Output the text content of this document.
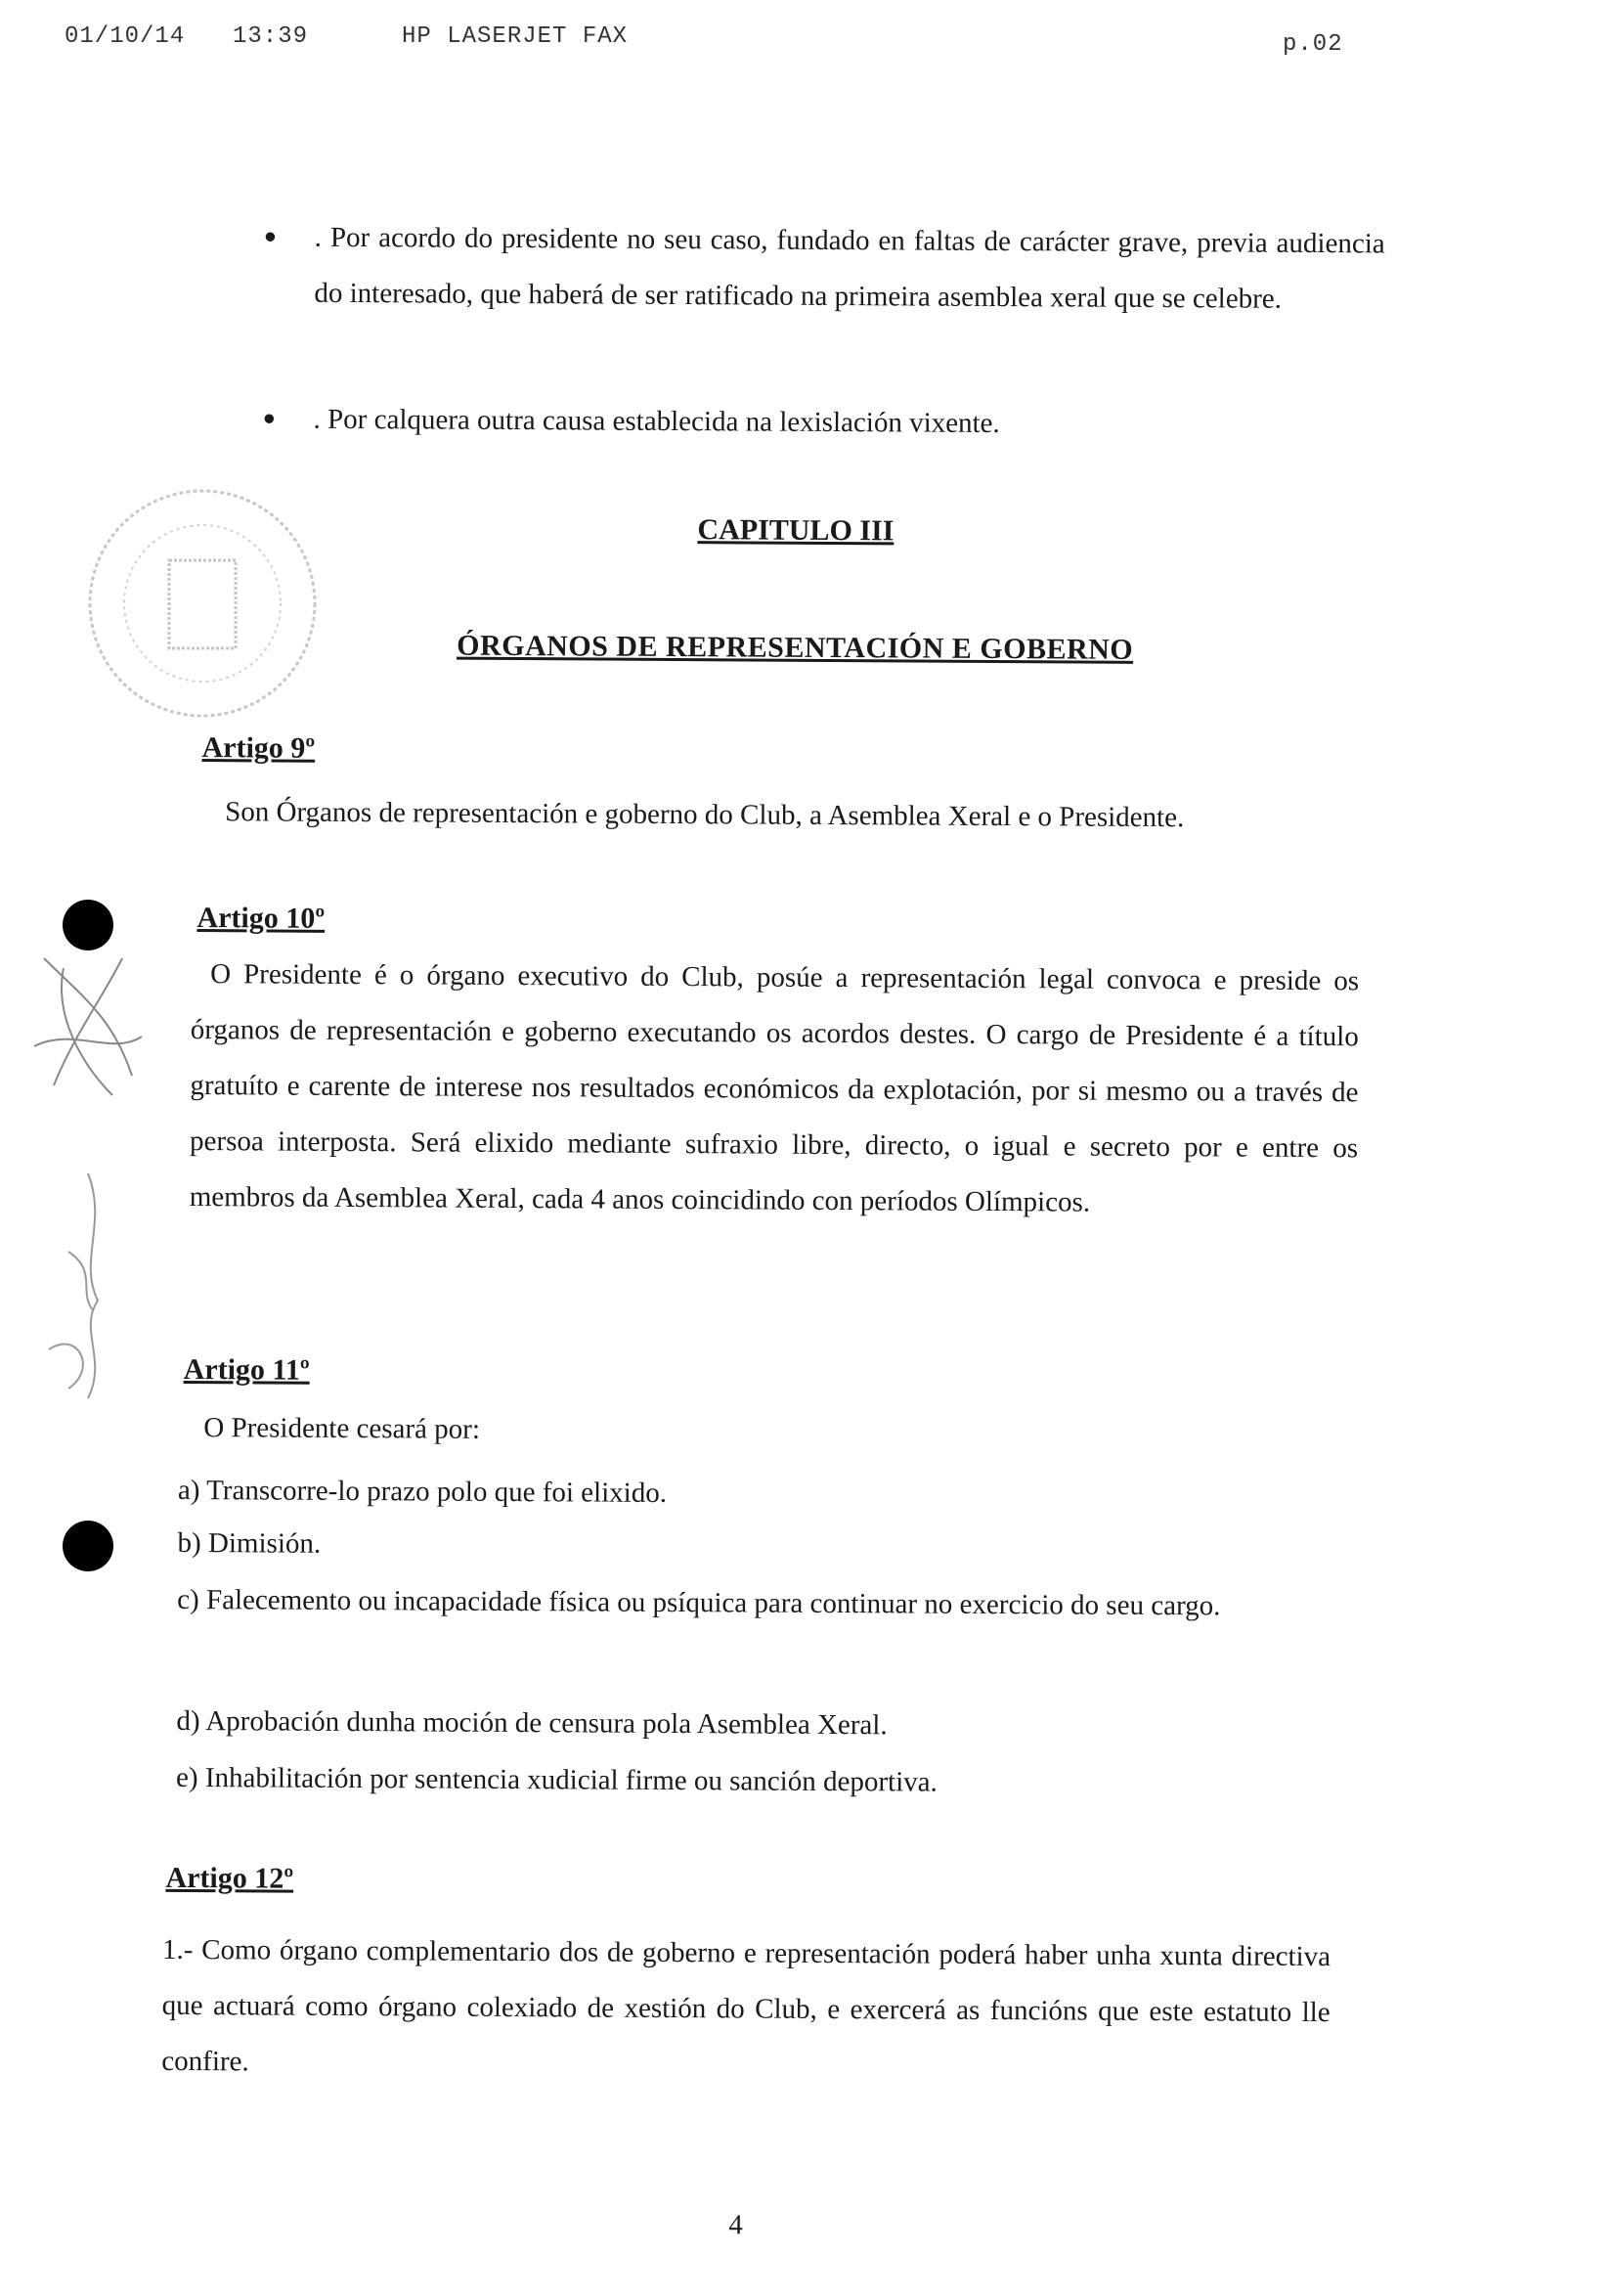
01/10/14 13:39	HP LASERJET FAX	p.02
● . Por acordo do presidente no seu caso, fundado en faltas de carácter grave, previa audiencia do interesado, que haberá de ser ratificado na primeira asemblea xeral que se celebre.
● . Por calquera outra causa establecida na lexislación vixente.
CAPITULO III
ÓRGANOS DE REPRESENTACIÓN E GOBERNO
Artigo 9º
Son Órganos de representación e goberno do Club, a Asemblea Xeral e o Presidente.
Artigo 10º
O Presidente é o órgano executivo do Club, posúe a representación legal convoca e preside os órganos de representación e goberno executando os acordos destes. O cargo de Presidente é a título gratuíto e carente de interese nos resultados económicos da explotación, por si mesmo ou a través de persoa interposta. Será elixido mediante sufraxio libre, directo, o igual e secreto por e entre os membros da Asemblea Xeral, cada 4 anos coincidindo con períodos Olímpicos.
Artigo 11º
O Presidente cesará por:
a) Transcorre-lo prazo polo que foi elixido.
b) Dimisión.
c) Falecemento ou incapacidade física ou psíquica para continuar no exercicio do seu cargo.
d) Aprobación dunha moción de censura pola Asemblea Xeral.
e) Inhabilitación por sentencia xudicial firme ou sanción deportiva.
Artigo 12º
1.- Como órgano complementario dos de goberno e representación poderá haber unha xunta directiva que actuará como órgano colexiado de xestión do Club, e exercerá as funcións que este estatuto lle confire.
4
